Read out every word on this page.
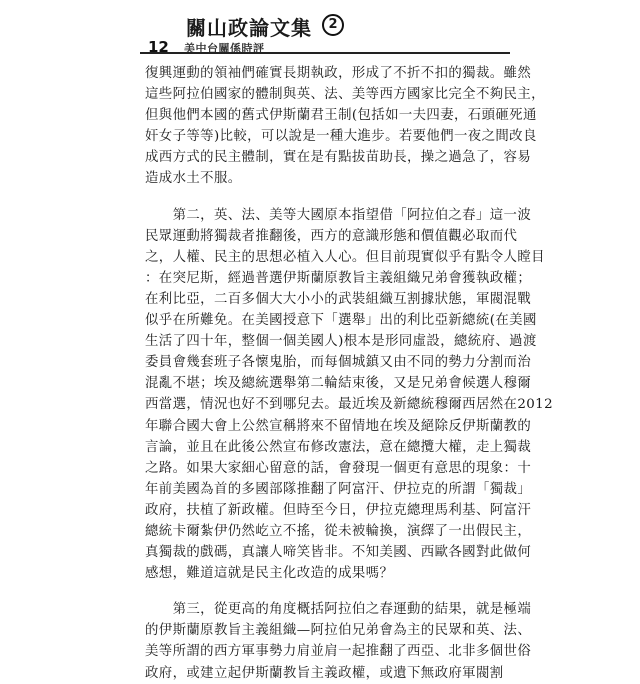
12
關山政論文集	2
美中台關係時評
復興運動的領袖們確實長期執政，形成了不折不扣的獨裁。雖然
這些阿拉伯國家的體制與英、法、美等西方國家比完全不夠民主，
但與他們本國的舊式伊斯蘭君王制(包括如一夫四妻，石頭砸死通
奸女子等等)比較，可以說是一種大進步。若要他們一夜之間改良
成西方式的民主體制，實在是有點拔苗助長，操之過急了，容易
造成水土不服。
　　第二，英、法、美等大國原本指望借「阿拉伯之春」這一波
民眾運動將獨裁者推翻後，西方的意識形態和價值觀必取而代
之，人權、民主的思想必植入人心。但目前現實似乎有點令人瞠目
：在突尼斯，經過普選伊斯蘭原教旨主義組織兄弟會獲執政權；
在利比亞，二百多個大大小小的武裝組織互割據狀態，軍閥混戰
似乎在所難免。在美國授意下「選舉」出的利比亞新總統(在美國
生活了四十年，整個一個美國人)根本是形同虛設，總統府、過渡
委員會幾套班子各懷鬼胎，而每個城鎮又由不同的勢力分割而治
混亂不堪；埃及總統選舉第二輪結束後，又是兄弟會候選人穆爾
西當選，情況也好不到哪兒去。最近埃及新總統穆爾西居然在2012
年聯合國大會上公然宣稱將來不留情地在埃及絕除反伊斯蘭教的
言論，並且在此後公然宣布修改憲法，意在總攬大權，走上獨裁
之路。如果大家細心留意的話，會發現一個更有意思的現象：十
年前美國為首的多國部隊推翻了阿富汗、伊拉克的所謂「獨裁」
政府，扶植了新政權。但時至今日，伊拉克總理馬利基、阿富汗
總統卡爾紮伊仍然屹立不搖，從未被輪換，演繹了一出假民主，
真獨裁的戲碼，真讓人啼笑皆非。不知美國、西歐各國對此做何
感想，難道這就是民主化改造的成果嗎？
　　第三，從更高的角度概括阿拉伯之春運動的結果，就是極端
的伊斯蘭原教旨主義組織—阿拉伯兄弟會為主的民眾和英、法、
美等所謂的西方軍事勢力肩並肩一起推翻了西亞、北非多個世俗
政府，或建立起伊斯蘭教旨主義政權，或遺下無政府軍閥割
